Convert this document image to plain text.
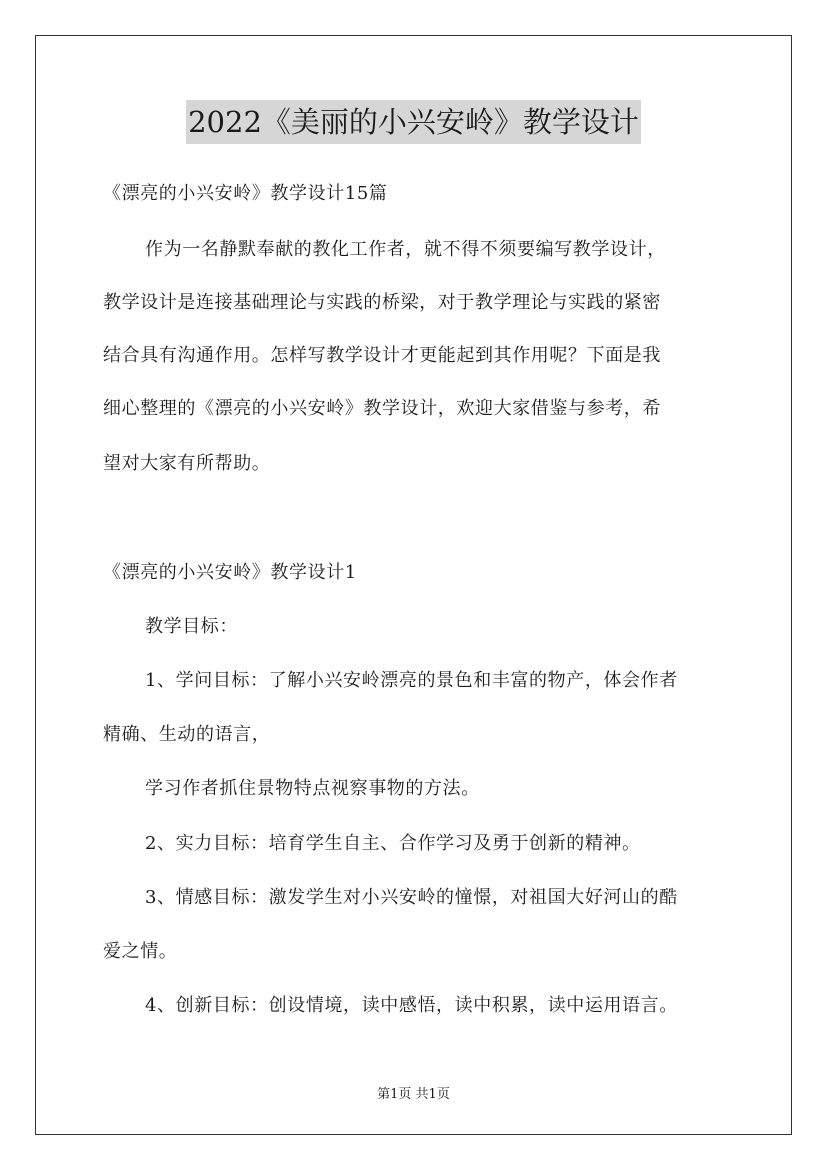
2022《美丽的小兴安岭》教学设计
《漂亮的小兴安岭》教学设计15篇
作为一名静默奉献的教化工作者，就不得不须要编写教学设计，
教学设计是连接基础理论与实践的桥梁，对于教学理论与实践的紧密
结合具有沟通作用。怎样写教学设计才更能起到其作用呢？下面是我
细心整理的《漂亮的小兴安岭》教学设计，欢迎大家借鉴与参考，希
望对大家有所帮助。
《漂亮的小兴安岭》教学设计1
教学目标：
1、学问目标：了解小兴安岭漂亮的景色和丰富的物产，体会作者
精确、生动的语言，
学习作者抓住景物特点视察事物的方法。
2、实力目标：培育学生自主、合作学习及勇于创新的精神。
3、情感目标：激发学生对小兴安岭的憧憬，对祖国大好河山的酷
爱之情。
4、创新目标：创设情境，读中感悟，读中积累，读中运用语言。
第1页 共1页
